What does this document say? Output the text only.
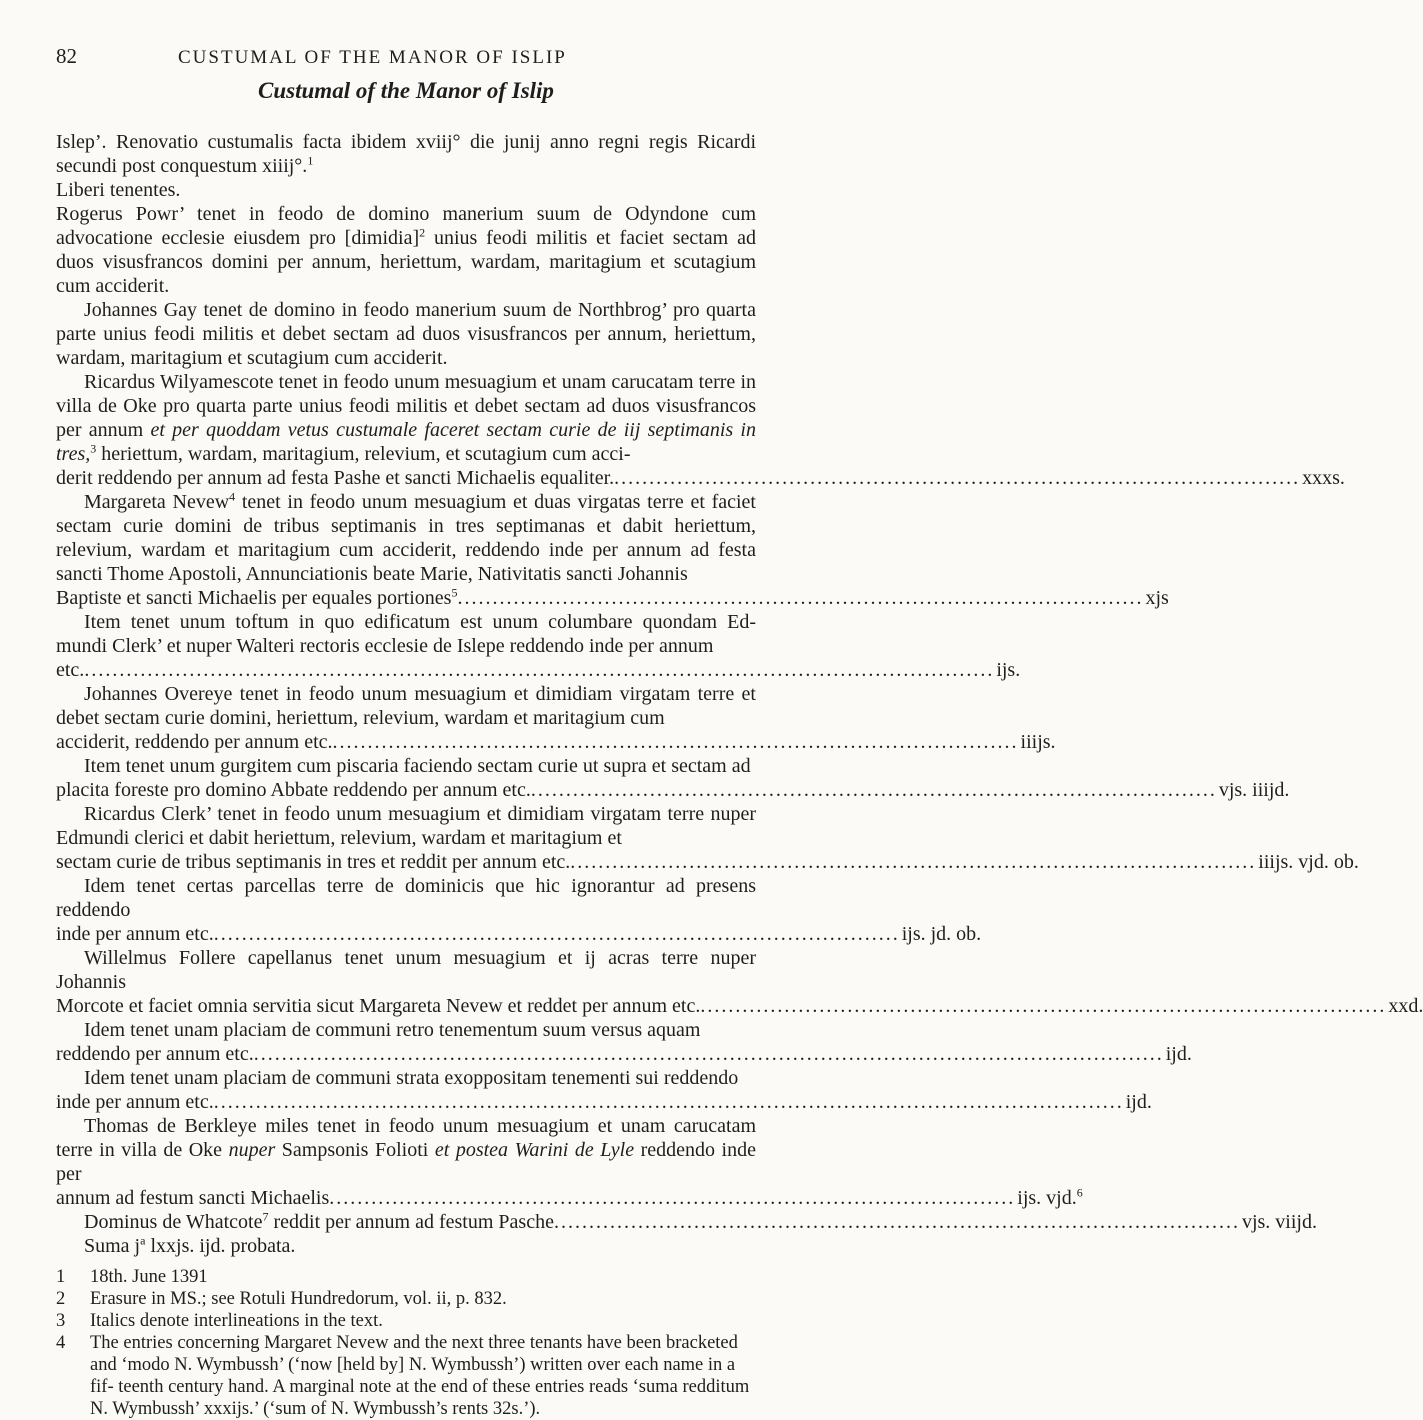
82	CUSTUMAL OF THE MANOR OF ISLIP
Custumal of the Manor of Islip

Islep’. Renovatio custumalis facta ibidem xviij° die junij anno regni regis Ricardi secundi post conquestum xiiij°.$^1$

Liberi tenentes.

Rogerus Powr’ tenet in feodo de domino manerium suum de Odyndone cum advocatione ecclesie eiusdem pro [dimidia]$^2$ unius feodi militis et faciet sectam ad duos visusfrancos domini per annum, heriettum, wardam, maritagium et scutagium cum acciderit.

Johannes Gay tenet de domino in feodo manerium suum de Northbrog’ pro quarta parte unius feodi militis et debet sectam ad duos visusfrancos per annum, heriettum, wardam, maritagium et scutagium cum acciderit.

Ricardus Wilyamescote tenet in feodo unum mesuagium et unam carucatam terre in villa de Oke pro quarta parte unius feodi militis et debet sectam ad duos visusfrancos per annum et per quoddam vetus custumale faceret sectam curie de iij septimanis in tres,$^3$ heriettum, wardam, maritagium, relevium, et scutagium cum acci-

derit reddendo per annum ad festa Pashe et sancti Michaelis equaliter. .................................................................................................. xxxs.

Margareta Nevew$^4$ tenet in feodo unum mesuagium et duas virgatas terre et faciet sectam curie domini de tribus septimanis in tres septimanas et dabit heriettum, relevium, wardam et maritagium cum acciderit, reddendo inde per annum ad festa sancti Thome Apostoli, Annunciationis beate Marie, Nativitatis sancti Johannis

Baptiste et sancti Michaelis per equales portiones$^5$ .................................................................................................. xjs

Item tenet unum toftum in quo edificatum est unum columbare quondam Ed- mundi Clerk’ et nuper Walteri rectoris ecclesie de Islepe reddendo inde per annum

etc. .................................................................................................................................. ijs.

Johannes Overeye tenet in feodo unum mesuagium et dimidiam virgatam terre et debet sectam curie domini, heriettum, relevium, wardam et maritagium cum

acciderit, reddendo per annum etc. .................................................................................................. iiijs.

Item tenet unum gurgitem cum piscaria faciendo sectam curie ut supra et sectam ad

placita foreste pro domino Abbate reddendo per annum etc. .................................................................................................. vjs. iiijd.

Ricardus Clerk’ tenet in feodo unum mesuagium et dimidiam virgatam terre nuper Edmundi clerici et dabit heriettum, relevium, wardam et maritagium et

sectam curie de tribus septimanis in tres et reddit per annum etc. .................................................................................................. iiijs. vjd. ob.

Idem tenet certas parcellas terre de dominicis que hic ignorantur ad presens reddendo

inde per annum etc. .................................................................................................. ijs. jd. ob.

Willelmus Follere capellanus tenet unum mesuagium et ij acras terre nuper Johannis

Morcote et faciet omnia servitia sicut Margareta Nevew et reddet per annum etc. .................................................................................................. xxd.

Idem tenet unam placiam de communi retro tenementum suum versus aquam

reddendo per annum etc. .................................................................................................................................. ijd.

Idem tenet unam placiam de communi strata exoppositam tenementi sui reddendo

inde per annum etc. .................................................................................................................................. ijd.

Thomas de Berkleye miles tenet in feodo unum mesuagium et unam carucatam terre in villa de Oke nuper Sampsonis Folioti et postea Warini de Lyle reddendo inde per

annum ad festum sancti Michaelis .................................................................................................. ijs. vjd.$^6$
Dominus de Whatcote$^7$ reddit per annum ad festum Pasche .................................................................................................. vjs. viijd.

Suma $j^a$ lxxjs. ijd. probata.

1	18th. June 1391
2	Erasure in MS.; see Rotuli Hundredorum, vol. ii, p. 832.
3	Italics denote interlineations in the text.
4	The entries concerning Margaret Nevew and the next three tenants have been bracketed and ‘modo N. Wymbussh’ (‘now [held by] N. Wymbussh’) written over each name in a fif- teenth century hand. A marginal note at the end of these entries reads ‘suma redditum N. Wymbussh’ xxxijs.’ (‘sum of N. Wymbussh’s rents 32s.’).
